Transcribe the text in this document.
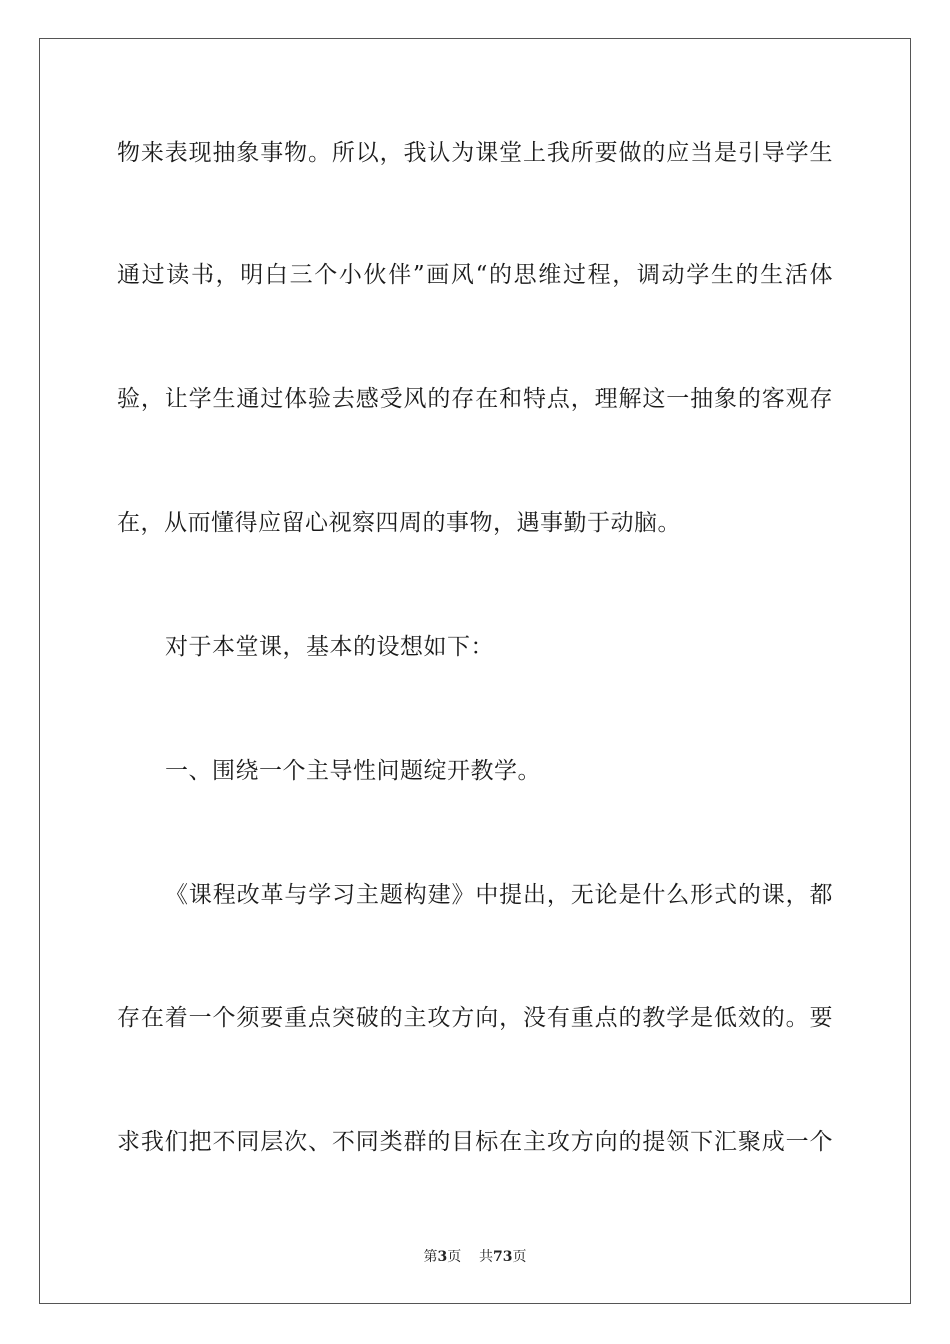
物来表现抽象事物。所以，我认为课堂上我所要做的应当是引导学生
通过读书，明白三个小伙伴”画风“的思维过程，调动学生的生活体
验，让学生通过体验去感受风的存在和特点，理解这一抽象的客观存
在，从而懂得应留心视察四周的事物，遇事勤于动脑。
对于本堂课，基本的设想如下：
一、围绕一个主导性问题绽开教学。
《课程改革与学习主题构建》中提出，无论是什么形式的课，都
存在着一个须要重点突破的主攻方向，没有重点的教学是低效的。要
求我们把不同层次、不同类群的目标在主攻方向的提领下汇聚成一个
第3页 共73页
